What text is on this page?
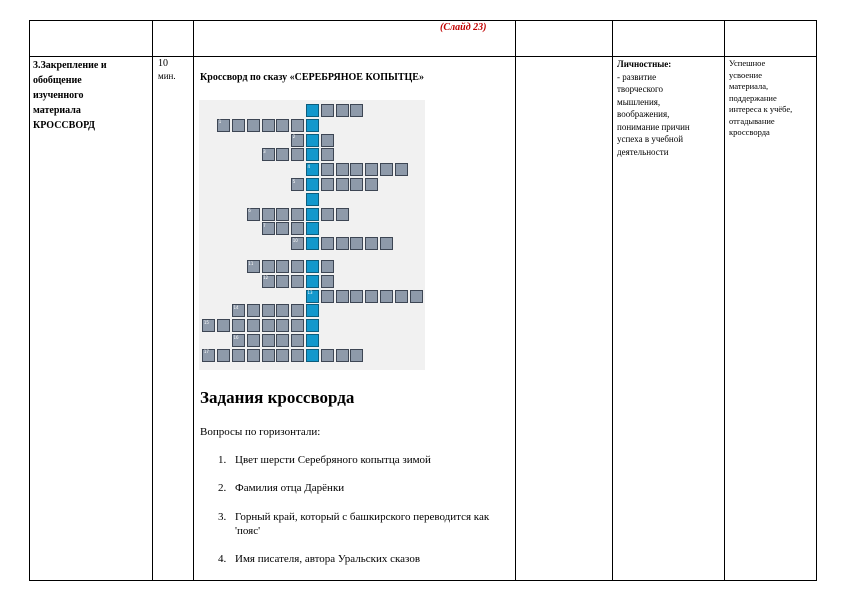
(Слайд 23)
3.Закрепление и
обобщение
изученного
материала
КРОССВОРД
10
мин. Кроссворд по сказу «СЕРЕБРЯНОЕ КОПЫТЦЕ»
1
2
3
4
5
6
7
10
11
12
13
14
15
16
17
Задания кроссворда
Вопросы по горизонтали:
1. Цвет шерсти Серебряного копытца зимой
2. Фамилия отца Дарёнки
3. Горный край, который с башкирского переводится как 'пояс'
4. Имя писателя, автора Уральских сказов
Личностные:
- развитие
творческого
мышления,
воображения,
понимание причин
успеха в учебной
деятельности
Успешное
усвоение
материала,
поддержание
интереса к учёбе,
отгадывание
кроссворда
